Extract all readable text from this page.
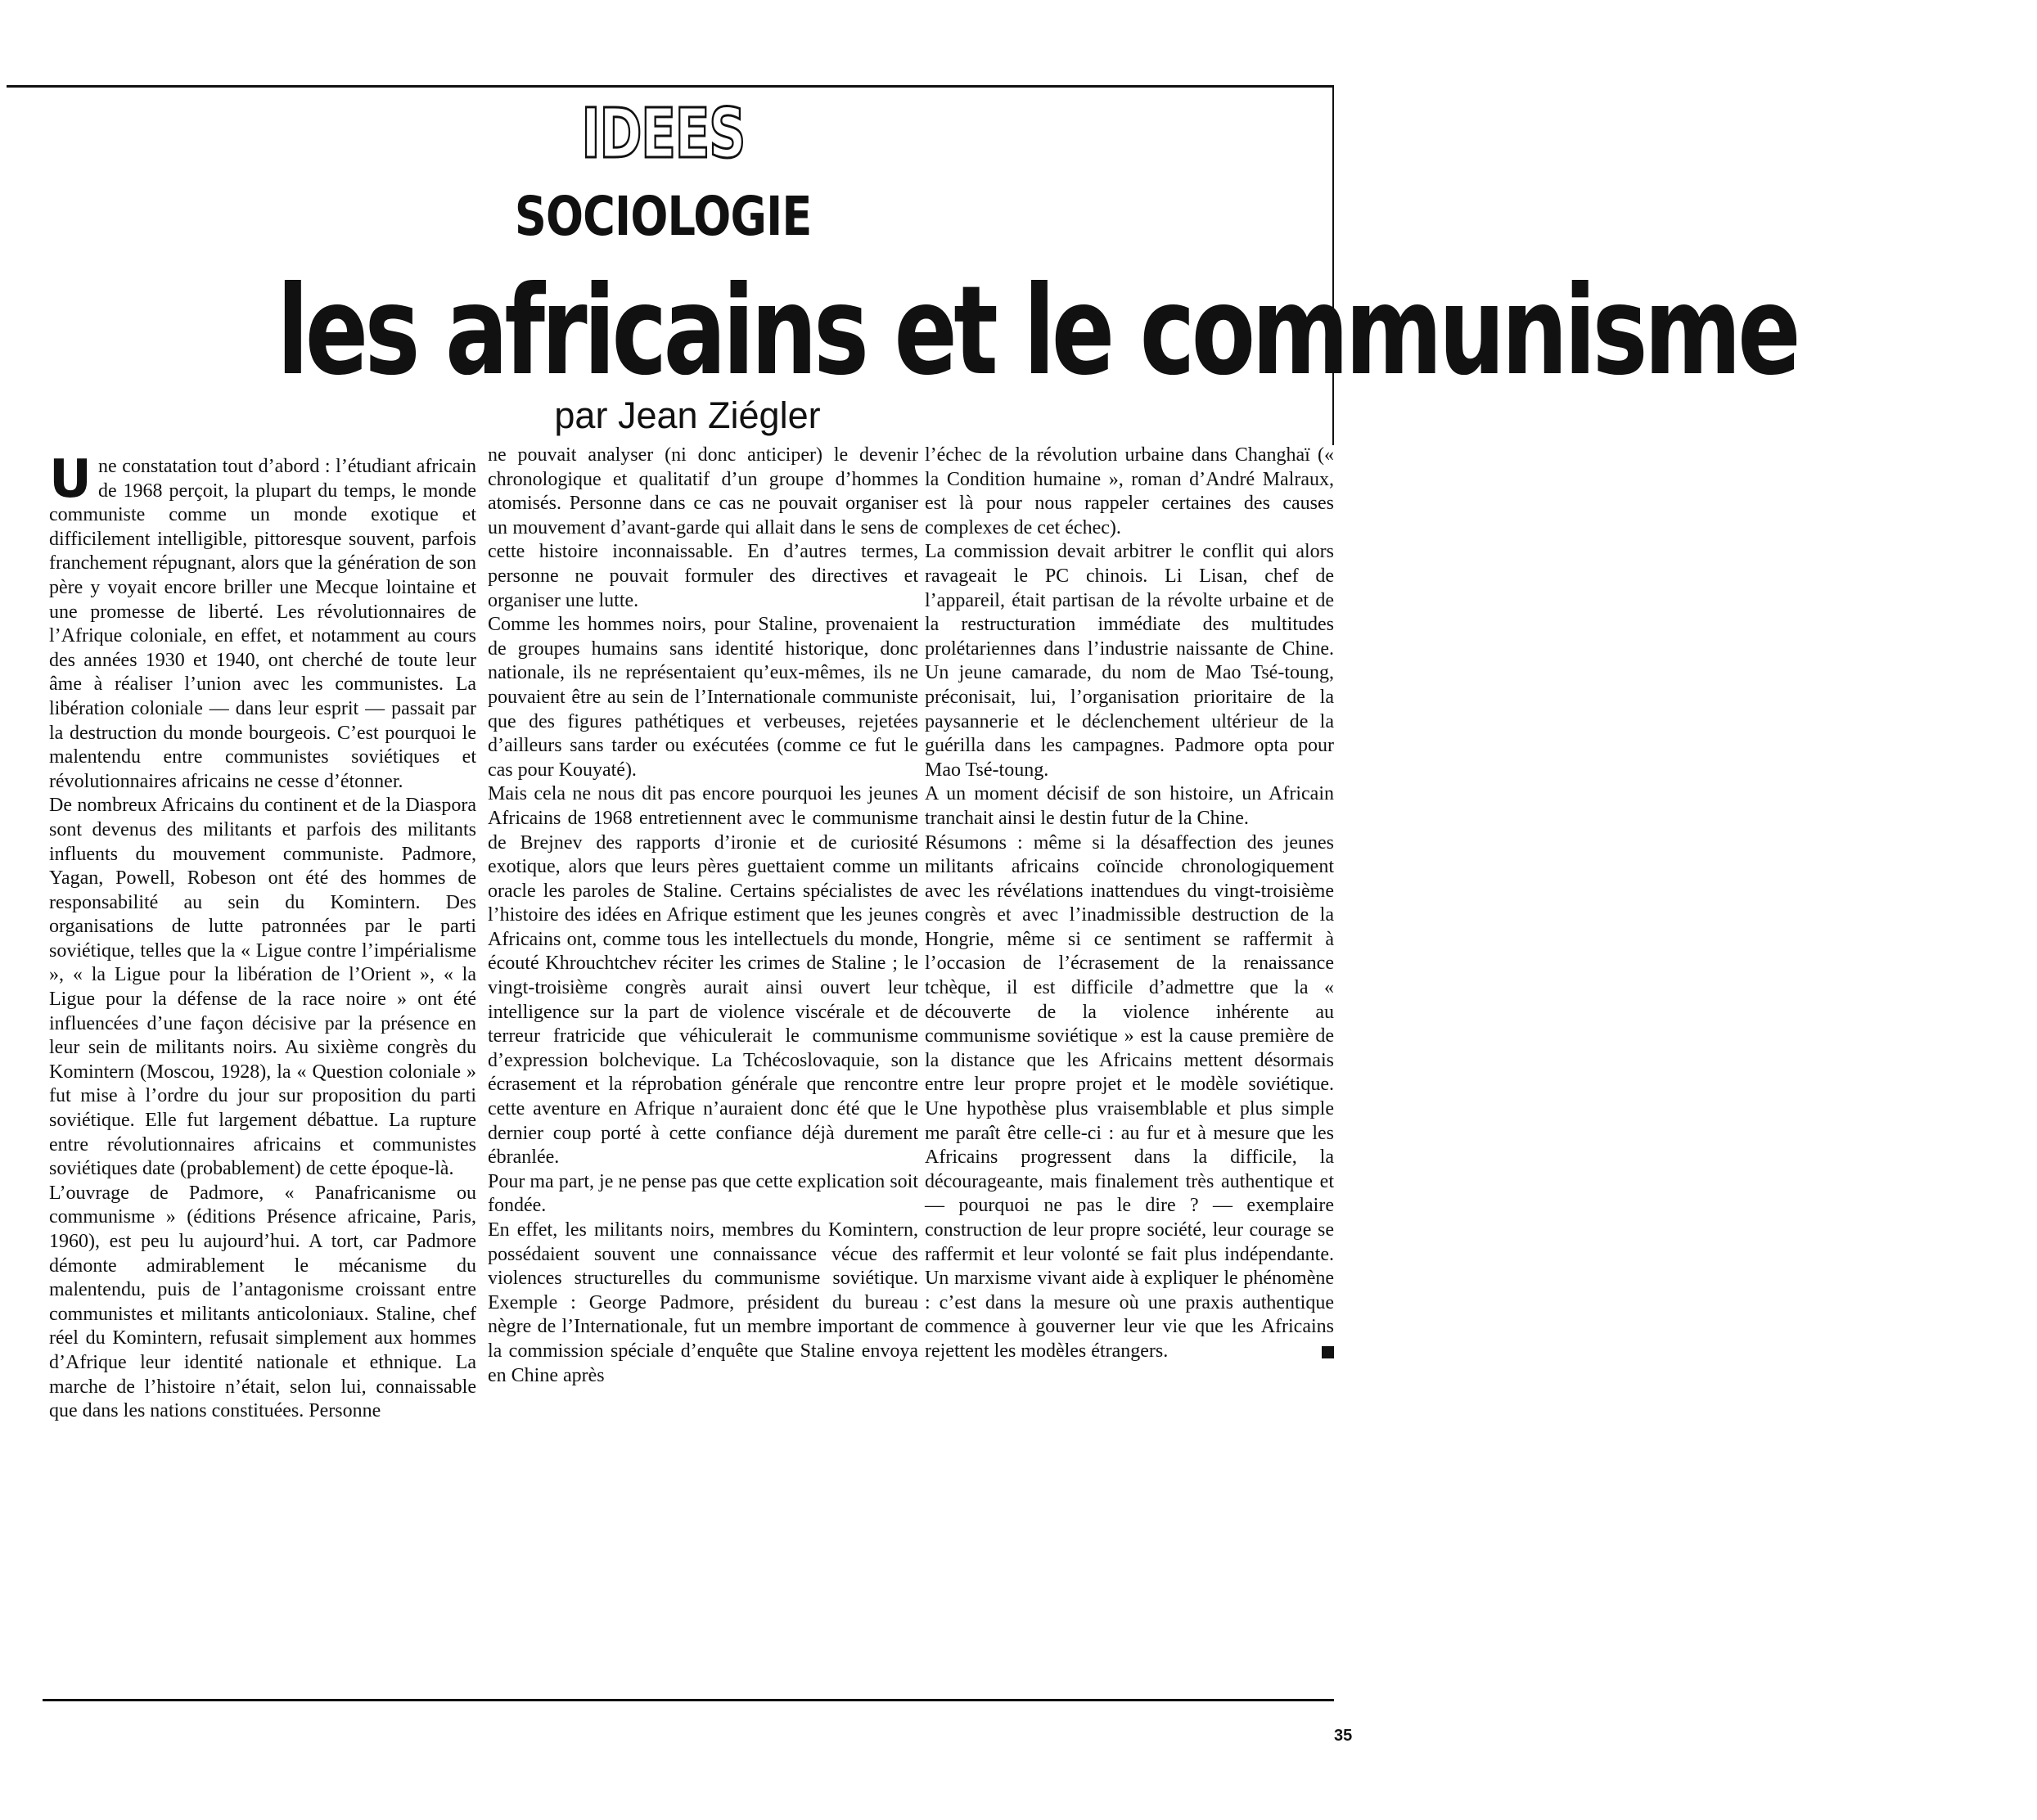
IDEES
SOCIOLOGIE
les africains et le communisme
par Jean Ziégler

Une constatation tout d’abord : l’étudiant africain de 1968 perçoit, la plupart du temps, le monde communiste comme un monde exotique et difficilement intelligible, pittoresque souvent, parfois franchement répugnant, alors que la génération de son père y voyait encore briller une Mecque lointaine et une promesse de liberté. Les révolutionnaires de l’Afrique coloniale, en effet, et notamment au cours des années 1930 et 1940, ont cherché de toute leur âme à réaliser l’union avec les communistes. La libération coloniale — dans leur esprit — passait par la destruction du monde bourgeois. C’est pourquoi le malentendu entre communistes soviétiques et révolutionnaires africains ne cesse d’étonner.

De nombreux Africains du continent et de la Diaspora sont devenus des militants et parfois des militants influents du mouvement communiste. Padmore, Yagan, Powell, Robeson ont été des hommes de responsabilité au sein du Komintern. Des organisations de lutte patronnées par le parti soviétique, telles que la « Ligue contre l’impérialisme », « la Ligue pour la libération de l’Orient », « la Ligue pour la défense de la race noire » ont été influencées d’une façon décisive par la présence en leur sein de militants noirs. Au sixième congrès du Komintern (Moscou, 1928), la « Question coloniale » fut mise à l’ordre du jour sur proposition du parti soviétique. Elle fut largement débattue. La rupture entre révolutionnaires africains et communistes soviétiques date (probablement) de cette époque-là.

L’ouvrage de Padmore, « Panafricanisme ou communisme » (éditions Présence africaine, Paris, 1960), est peu lu aujourd’hui. A tort, car Padmore démonte admirablement le mécanisme du malentendu, puis de l’antagonisme croissant entre communistes et militants anticoloniaux. Staline, chef réel du Komintern, refusait simplement aux hommes d’Afrique leur identité nationale et ethnique. La marche de l’histoire n’était, selon lui, connaissable que dans les nations constituées. Personne

ne pouvait analyser (ni donc anticiper) le devenir chronologique et qualitatif d’un groupe d’hommes atomisés. Personne dans ce cas ne pouvait organiser un mouvement d’avant-garde qui allait dans le sens de cette histoire inconnaissable. En d’autres termes, personne ne pouvait formuler des directives et organiser une lutte.

Comme les hommes noirs, pour Staline, provenaient de groupes humains sans identité historique, donc nationale, ils ne représentaient qu’eux-mêmes, ils ne pouvaient être au sein de l’Internationale communiste que des figures pathétiques et verbeuses, rejetées d’ailleurs sans tarder ou exécutées (comme ce fut le cas pour Kouyaté).

Mais cela ne nous dit pas encore pourquoi les jeunes Africains de 1968 entretiennent avec le communisme de Brejnev des rapports d’ironie et de curiosité exotique, alors que leurs pères guettaient comme un oracle les paroles de Staline. Certains spécialistes de l’histoire des idées en Afrique estiment que les jeunes Africains ont, comme tous les intellectuels du monde, écouté Khrouchtchev réciter les crimes de Staline ; le vingt-troisième congrès aurait ainsi ouvert leur intelligence sur la part de violence viscérale et de terreur fratricide que véhiculerait le communisme d’expression bolchevique. La Tchécoslovaquie, son écrasement et la réprobation générale que rencontre cette aventure en Afrique n’auraient donc été que le dernier coup porté à cette confiance déjà durement ébranlée.

Pour ma part, je ne pense pas que cette explication soit fondée.

En effet, les militants noirs, membres du Komintern, possédaient souvent une connaissance vécue des violences structurelles du communisme soviétique. Exemple : George Padmore, président du bureau nègre de l’Internationale, fut un membre important de la commission spéciale d’enquête que Staline envoya en Chine après

l’échec de la révolution urbaine dans Changhaï (« la Condition humaine », roman d’André Malraux, est là pour nous rappeler certaines des causes complexes de cet échec).

La commission devait arbitrer le conflit qui alors ravageait le PC chinois. Li Lisan, chef de l’appareil, était partisan de la révolte urbaine et de la restructuration immédiate des multitudes prolétariennes dans l’industrie naissante de Chine. Un jeune camarade, du nom de Mao Tsé-toung, préconisait, lui, l’organisation prioritaire de la paysannerie et le déclenchement ultérieur de la guérilla dans les campagnes. Padmore opta pour Mao Tsé-toung.

A un moment décisif de son histoire, un Africain tranchait ainsi le destin futur de la Chine.

Résumons : même si la désaffection des jeunes militants africains coïncide chronologiquement avec les révélations inattendues du vingt-troisième congrès et avec l’inadmissible destruction de la Hongrie, même si ce sentiment se raffermit à l’occasion de l’écrasement de la renaissance tchèque, il est difficile d’admettre que la « découverte de la violence inhérente au communisme soviétique » est la cause première de la distance que les Africains mettent désormais entre leur propre projet et le modèle soviétique. Une hypothèse plus vraisemblable et plus simple me paraît être celle-ci : au fur et à mesure que les Africains progressent dans la difficile, la décourageante, mais finalement très authentique et — pourquoi ne pas le dire ? — exemplaire construction de leur propre société, leur courage se raffermit et leur volonté se fait plus indépendante. Un marxisme vivant aide à expliquer le phénomène : c’est dans la mesure où une praxis authentique commence à gouverner leur vie que les Africains rejettent les modèles étrangers.

35
